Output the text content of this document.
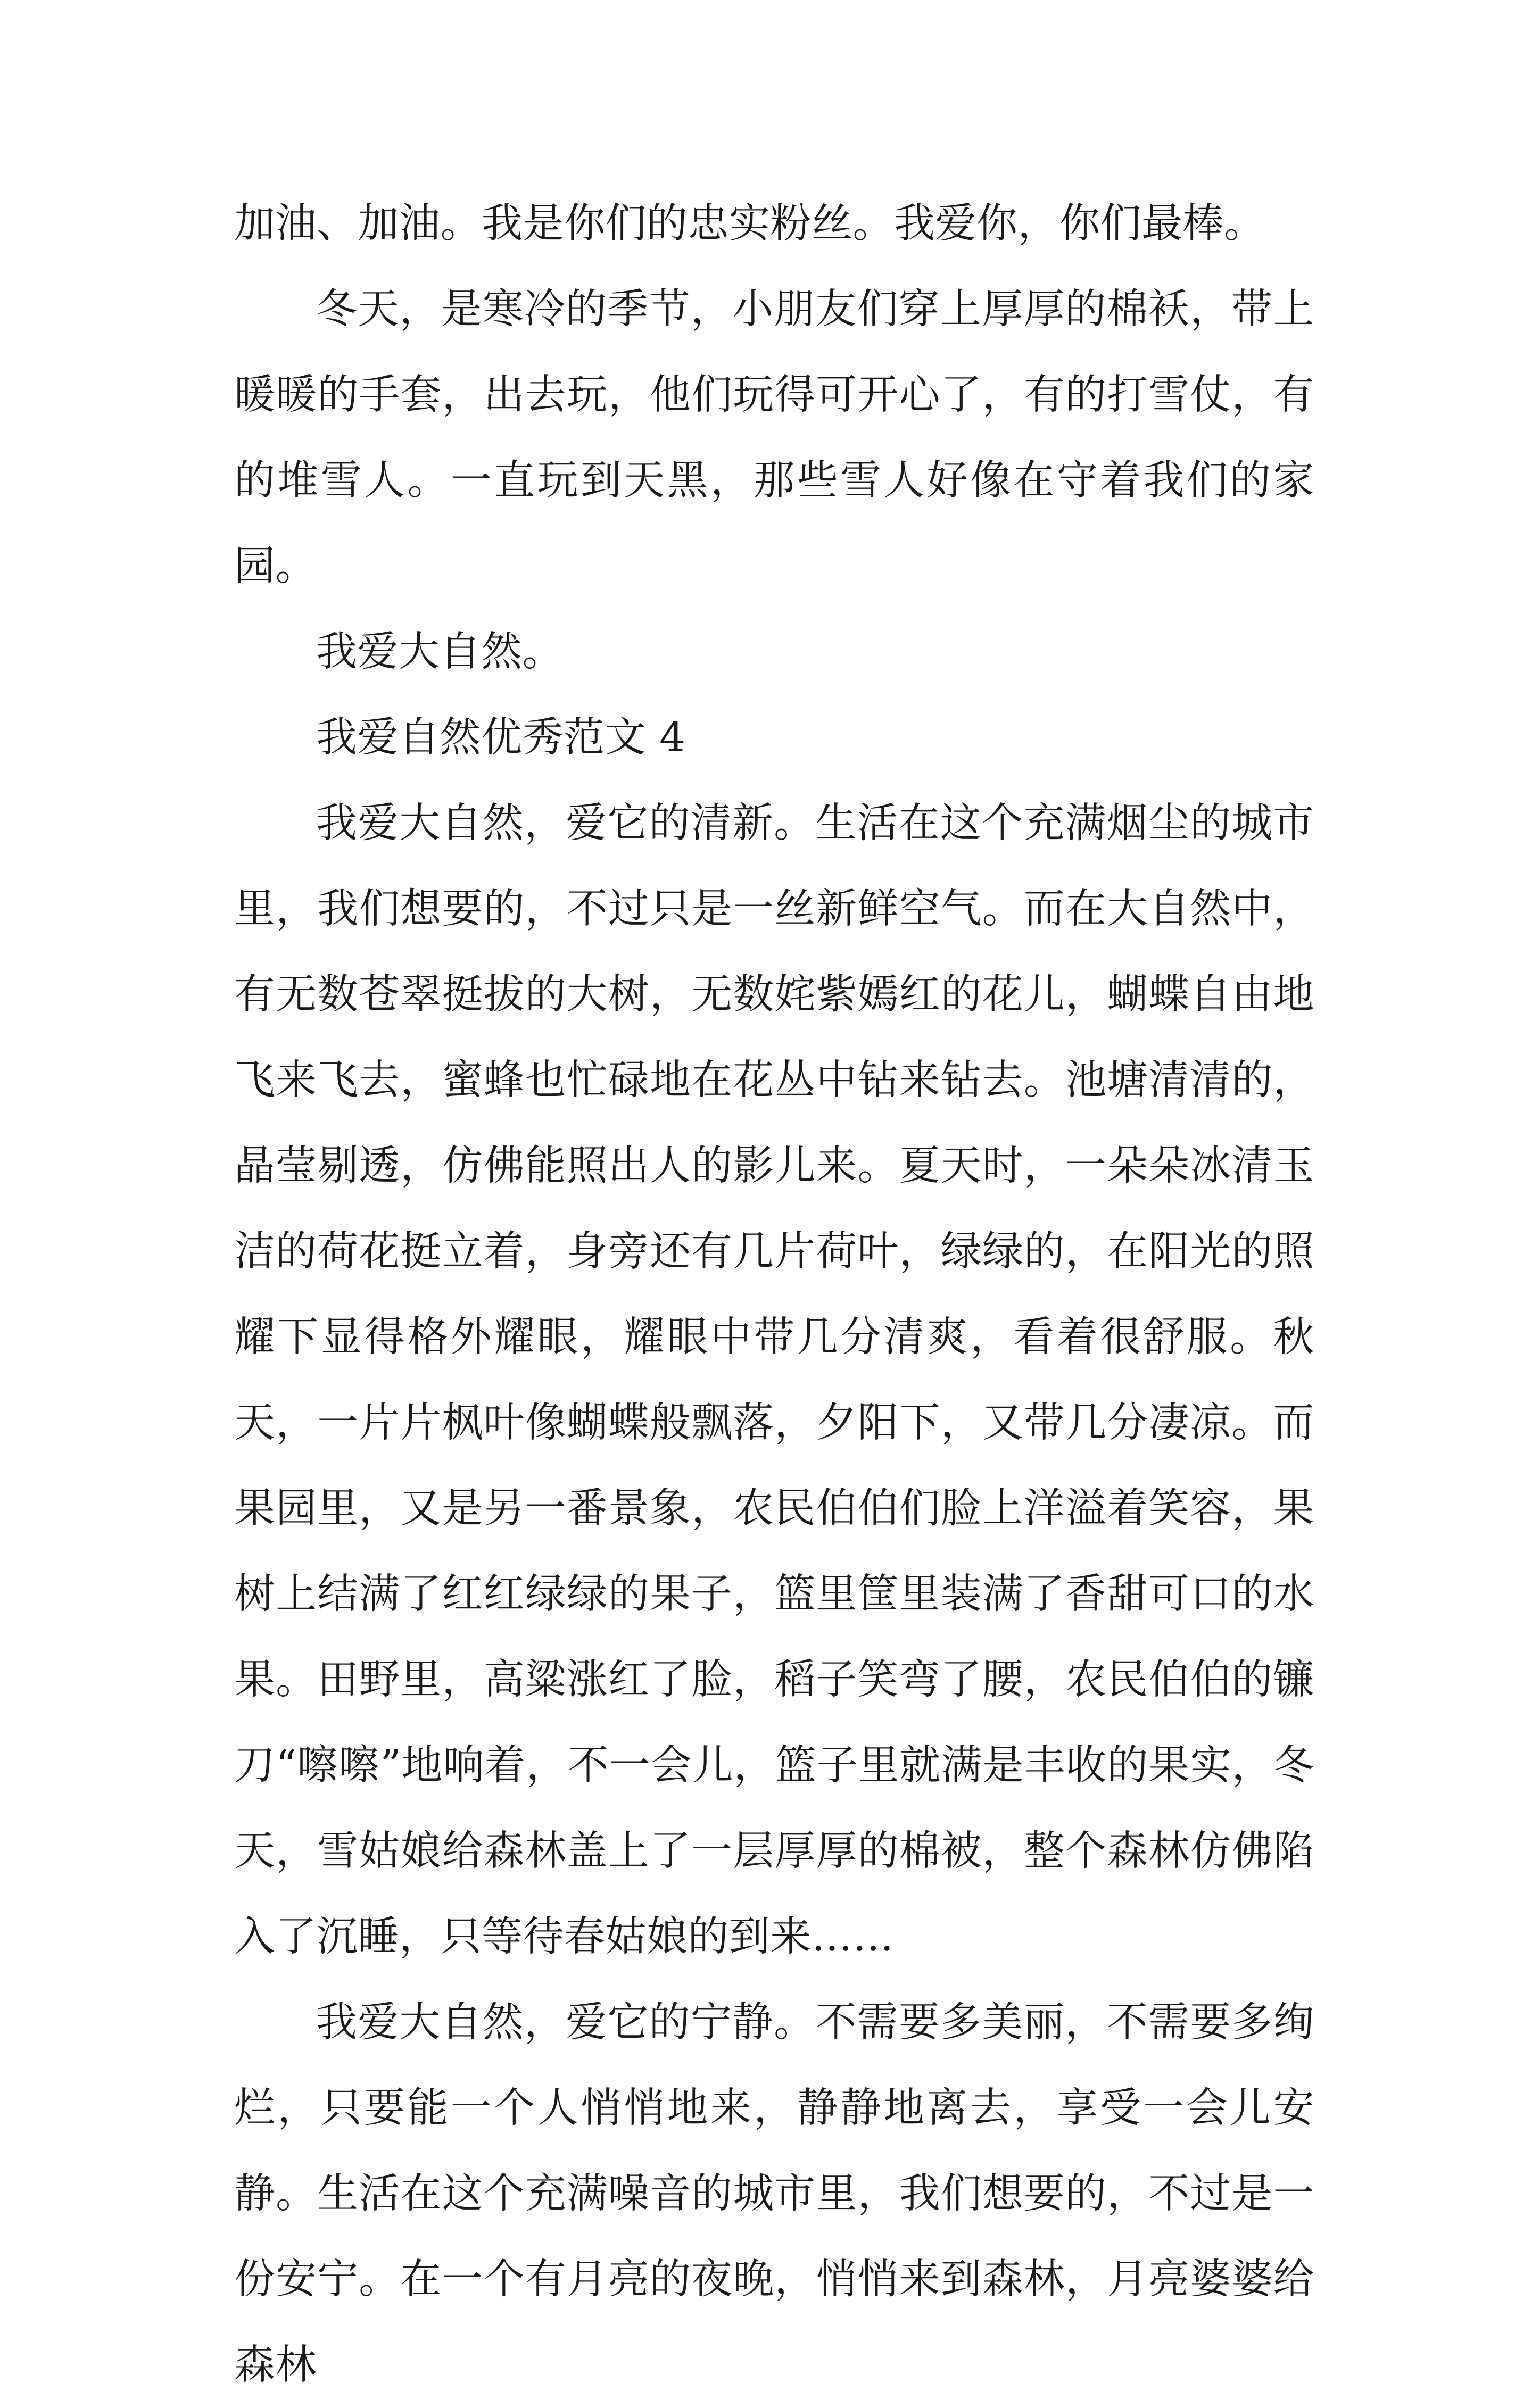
加油、加油。我是你们的忠实粉丝。我爱你，你们最棒。

冬天，是寒冷的季节，小朋友们穿上厚厚的棉袄，带上暖暖的手套，出去玩，他们玩得可开心了，有的打雪仗，有的堆雪人。一直玩到天黑，那些雪人好像在守着我们的家园。

我爱大自然。

我爱自然优秀范文 4

我爱大自然，爱它的清新。生活在这个充满烟尘的城市里，我们想要的，不过只是一丝新鲜空气。而在大自然中，有无数苍翠挺拔的大树，无数姹紫嫣红的花儿，蝴蝶自由地飞来飞去，蜜蜂也忙碌地在花丛中钻来钻去。池塘清清的，晶莹剔透，仿佛能照出人的影儿来。夏天时，一朵朵冰清玉洁的荷花挺立着，身旁还有几片荷叶，绿绿的，在阳光的照耀下显得格外耀眼，耀眼中带几分清爽，看着很舒服。秋天，一片片枫叶像蝴蝶般飘落，夕阳下，又带几分凄凉。而果园里，又是另一番景象，农民伯伯们脸上洋溢着笑容，果树上结满了红红绿绿的果子，篮里筐里装满了香甜可口的水果。田野里，高粱涨红了脸，稻子笑弯了腰，农民伯伯的镰刀“嚓嚓”地响着，不一会儿，篮子里就满是丰收的果实，冬天，雪姑娘给森林盖上了一层厚厚的棉被，整个森林仿佛陷入了沉睡，只等待春姑娘的到来……

我爱大自然，爱它的宁静。不需要多美丽，不需要多绚烂，只要能一个人悄悄地来，静静地离去，享受一会儿安静。生活在这个充满噪音的城市里，我们想要的，不过是一份安宁。在一个有月亮的夜晚，悄悄来到森林，月亮婆婆给森林
